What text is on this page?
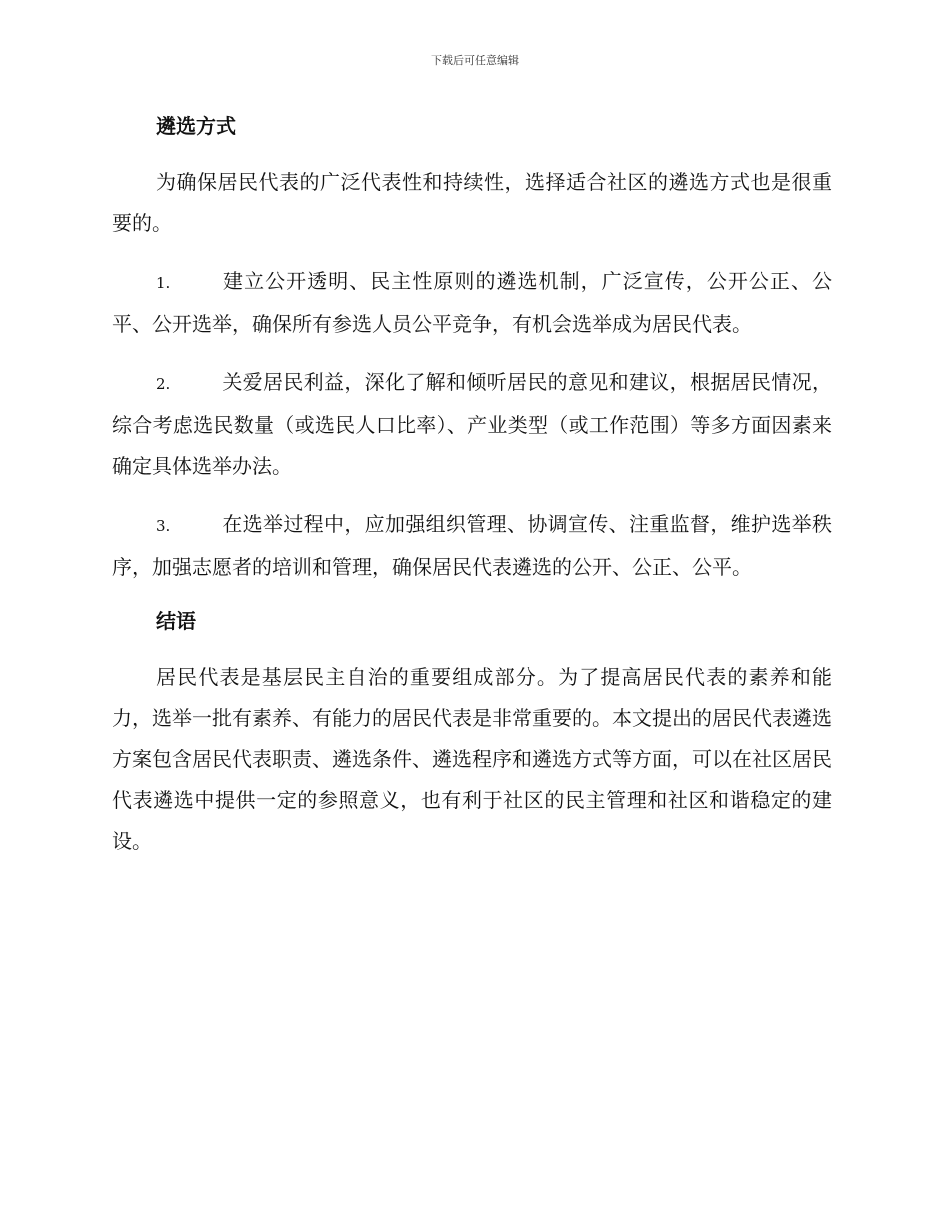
下载后可任意编辑
遴选方式

为确保居民代表的广泛代表性和持续性，选择适合社区的遴选方式也是很重要的。

1.	建立公开透明、民主性原则的遴选机制，广泛宣传，公开公正、公平、公开选举，确保所有参选人员公平竞争，有机会选举成为居民代表。

2.	关爱居民利益，深化了解和倾听居民的意见和建议，根据居民情况，综合考虑选民数量（或选民人口比率）、产业类型（或工作范围）等多方面因素来确定具体选举办法。

3.	在选举过程中，应加强组织管理、协调宣传、注重监督，维护选举秩序，加强志愿者的培训和管理，确保居民代表遴选的公开、公正、公平。

结语

居民代表是基层民主自治的重要组成部分。为了提高居民代表的素养和能力，选举一批有素养、有能力的居民代表是非常重要的。本文提出的居民代表遴选方案包含居民代表职责、遴选条件、遴选程序和遴选方式等方面，可以在社区居民代表遴选中提供一定的参照意义，也有利于社区的民主管理和社区和谐稳定的建设。
